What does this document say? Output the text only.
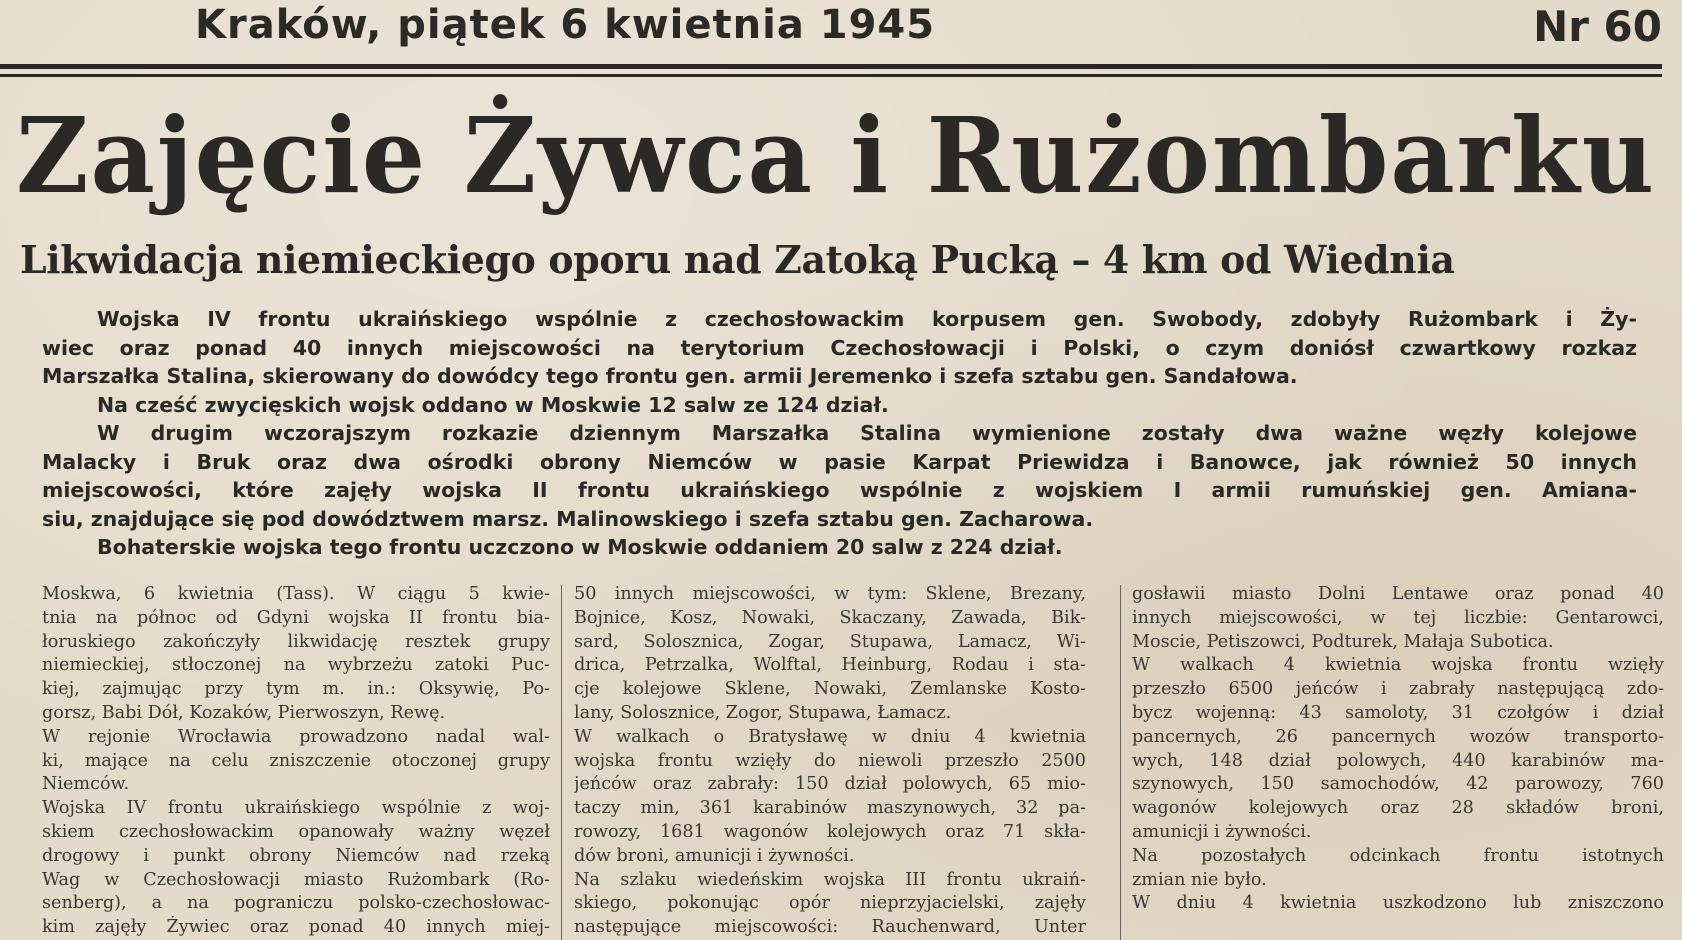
Kraków, piątek 6 kwietnia 1945	Nr 60
Zajęcie Żywca i Rużombarku
Likwidacja niemieckiego oporu nad Zatoką Pucką – 4 km od Wiednia
Wojska IV frontu ukraińskiego wspólnie z czechosłowackim korpusem gen. Swobody, zdobyły Rużombark i Ży-
wiec oraz ponad 40 innych miejscowości na terytorium Czechosłowacji i Polski, o czym doniósł czwartkowy rozkaz
Marszałka Stalina, skierowany do dowódcy tego frontu gen. armii Jeremenko i szefa sztabu gen. Sandałowa.
Na cześć zwycięskich wojsk oddano w Moskwie 12 salw ze 124 dział.
W drugim wczorajszym rozkazie dziennym Marszałka Stalina wymienione zostały dwa ważne węzły kolejowe
Malacky i Bruk oraz dwa ośrodki obrony Niemców w pasie Karpat Priewidza i Banowce, jak również 50 innych
miejscowości, które zajęły wojska II frontu ukraińskiego wspólnie z wojskiem I armii rumuńskiej gen. Amiana-
siu, znajdujące się pod dowództwem marsz. Malinowskiego i szefa sztabu gen. Zacharowa.
Bohaterskie wojska tego frontu uczczono w Moskwie oddaniem 20 salw z 224 dział.
Moskwa, 6 kwietnia (Tass). W ciągu 5 kwie-
tnia na północ od Gdyni wojska II frontu bia-
łoruskiego zakończyły likwidację resztek grupy
niemieckiej, stłoczonej na wybrzeżu zatoki Puc-
kiej, zajmując przy tym m. in.: Oksywię, Po-
gorsz, Babi Dół, Kozaków, Pierwoszyn, Rewę.
W rejonie Wrocławia prowadzono nadal wal-
ki, mające na celu zniszczenie otoczonej grupy
Niemców.
Wojska IV frontu ukraińskiego wspólnie z woj-
skiem czechosłowackim opanowały ważny węzeł
drogowy i punkt obrony Niemców nad rzeką
Wag w Czechosłowacji miasto Rużombark (Ro-
senberg), a na pograniczu polsko-czechosłowac-
kim zajęły Żywiec oraz ponad 40 innych miej-
50 innych miejscowości, w tym: Sklene, Brezany,
Bojnice, Kosz, Nowaki, Skaczany, Zawada, Bik-
sard, Solosznica, Zogar, Stupawa, Lamacz, Wi-
drica, Petrzalka, Wolftal, Heinburg, Rodau i sta-
cje kolejowe Sklene, Nowaki, Zemlanske Kosto-
lany, Solosznice, Zogor, Stupawa, Łamacz.
W walkach o Bratysławę w dniu 4 kwietnia
wojska frontu wzięły do niewoli przeszło 2500
jeńców oraz zabrały: 150 dział polowych, 65 mio-
taczy min, 361 karabinów maszynowych, 32 pa-
rowozy, 1681 wagonów kolejowych oraz 71 skła-
dów broni, amunicji i żywności.
Na szlaku wiedeńskim wojska III frontu ukraiń-
skiego, pokonując opór nieprzyjacielski, zajęły
następujące miejscowości: Rauchenward, Unter
gosławii miasto Dolni Lentawe oraz ponad 40
innych miejscowości, w tej liczbie: Gentarowci,
Moscie, Petiszowci, Podturek, Małaja Subotica.
W walkach 4 kwietnia wojska frontu wzięły
przeszło 6500 jeńców i zabrały następującą zdo-
bycz wojenną: 43 samoloty, 31 czołgów i dział
pancernych, 26 pancernych wozów transporto-
wych, 148 dział polowych, 440 karabinów ma-
szynowych, 150 samochodów, 42 parowozy, 760
wagonów kolejowych oraz 28 składów broni,
amunicji i żywności.
Na pozostałych odcinkach frontu istotnych
zmian nie było.
W dniu 4 kwietnia uszkodzono lub zniszczono
